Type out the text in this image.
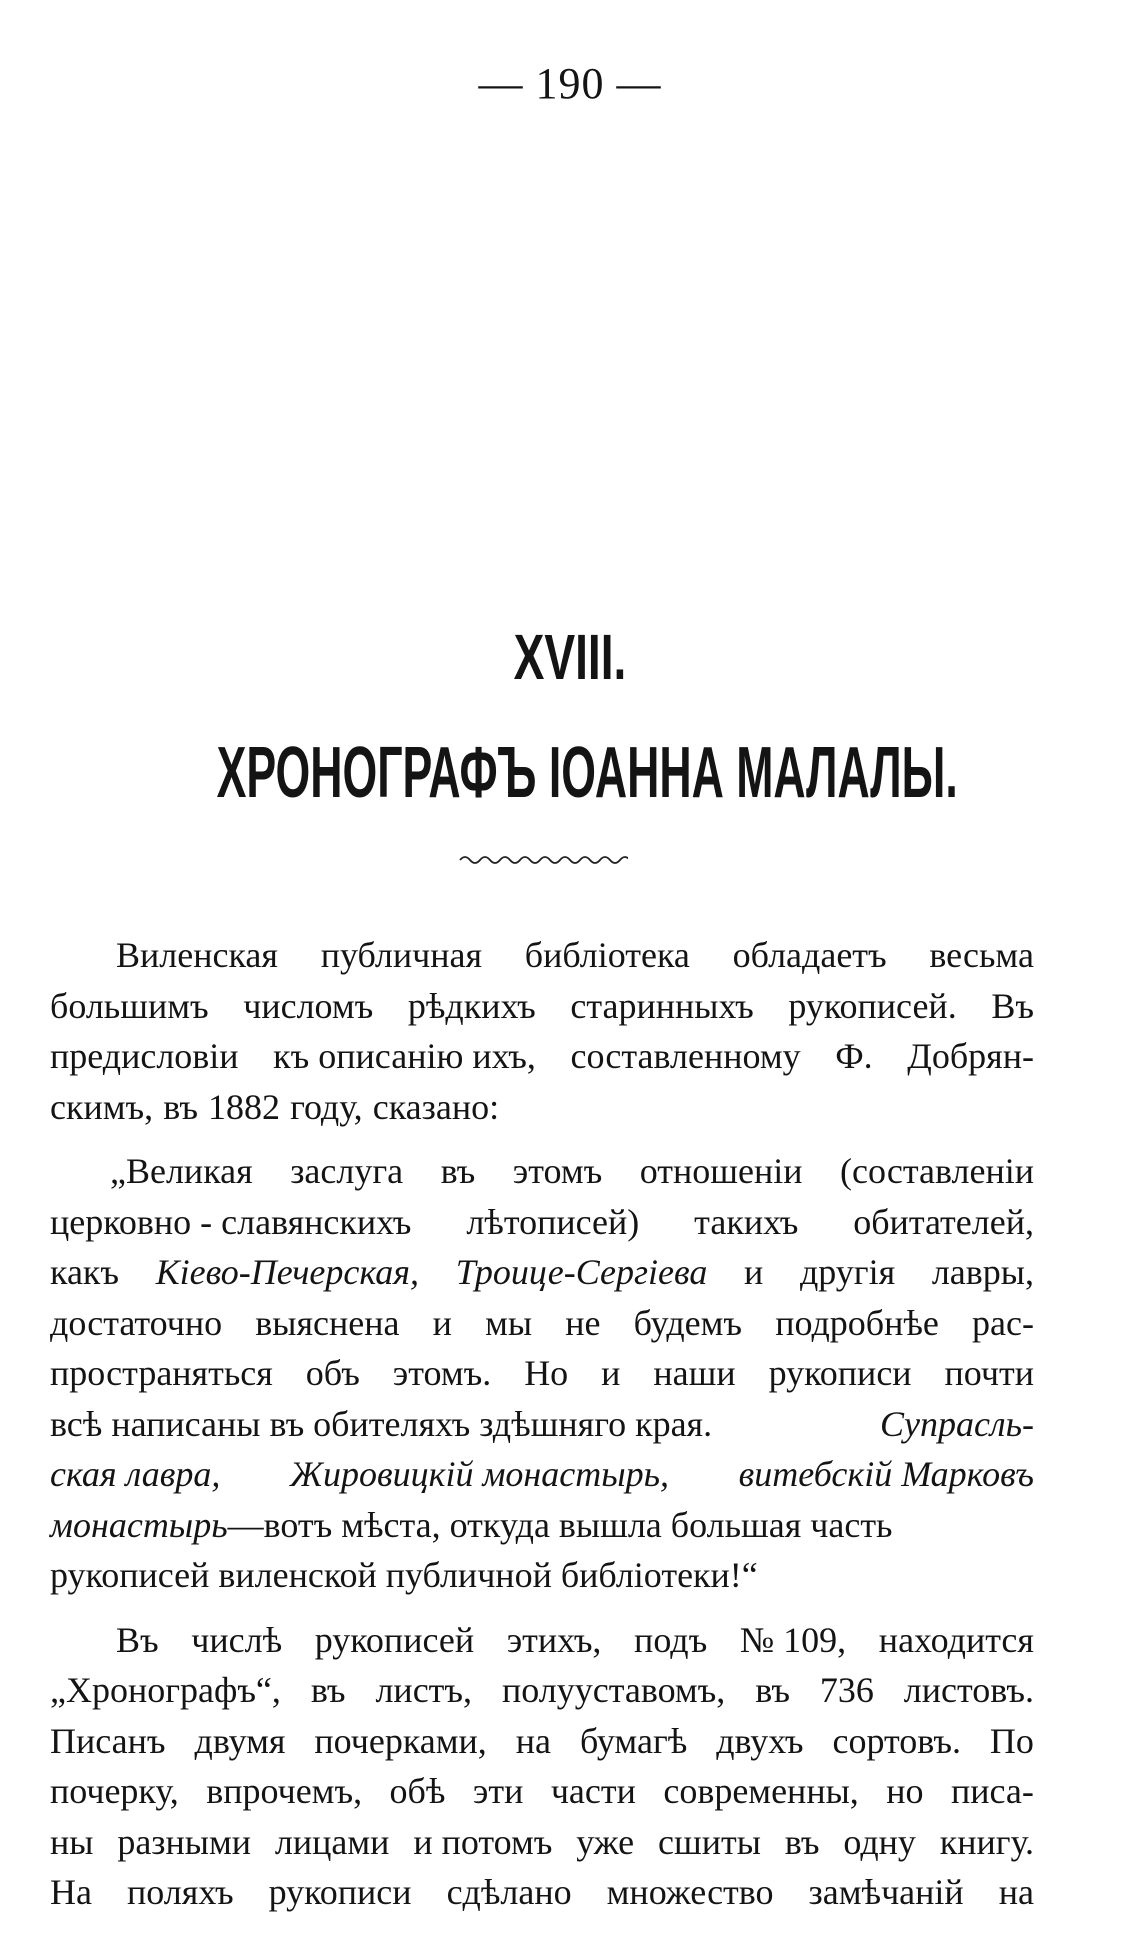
— 190 —
XVIII.
ХРОНОГРАФЪ ІОАННА МАЛАЛЫ.
Виленская публичная библіотека обладаетъ весьма
большимъ числомъ рѣдкихъ старинныхъ рукописей. Въ
предисловіи къ описанію ихъ, составленному Ф. Добрян-
скимъ, въ 1882 году, сказано:
„Великая заслуга въ этомъ отношеніи (составленіи
церковно - славянскихъ лѣтописей) такихъ обитателей,
какъ Кіево-Печерская, Троице-Сергіева и другія лавры,
достаточно выяснена и мы не будемъ подробнѣе рас-
пространяться объ этомъ. Но и наши рукописи почти
всѣ написаны въ обителяхъ здѣшняго края.	Супрасль-
ская лавра, Жировицкій монастырь, витебскій Марковъ
монастырь—вотъ мѣста, откуда вышла большая часть
рукописей виленской публичной библіотеки!“
Въ числѣ рукописей этихъ, подъ № 109, находится
„Хронографъ“, въ листъ, полууставомъ, въ 736 листовъ.
Писанъ двумя почерками, на бумагѣ двухъ сортовъ. По
почерку, впрочемъ, обѣ эти части современны, но писа-
ны разными лицами и потомъ уже сшиты въ одну книгу.
На поляхъ рукописи сдѣлано множество замѣчаній на
